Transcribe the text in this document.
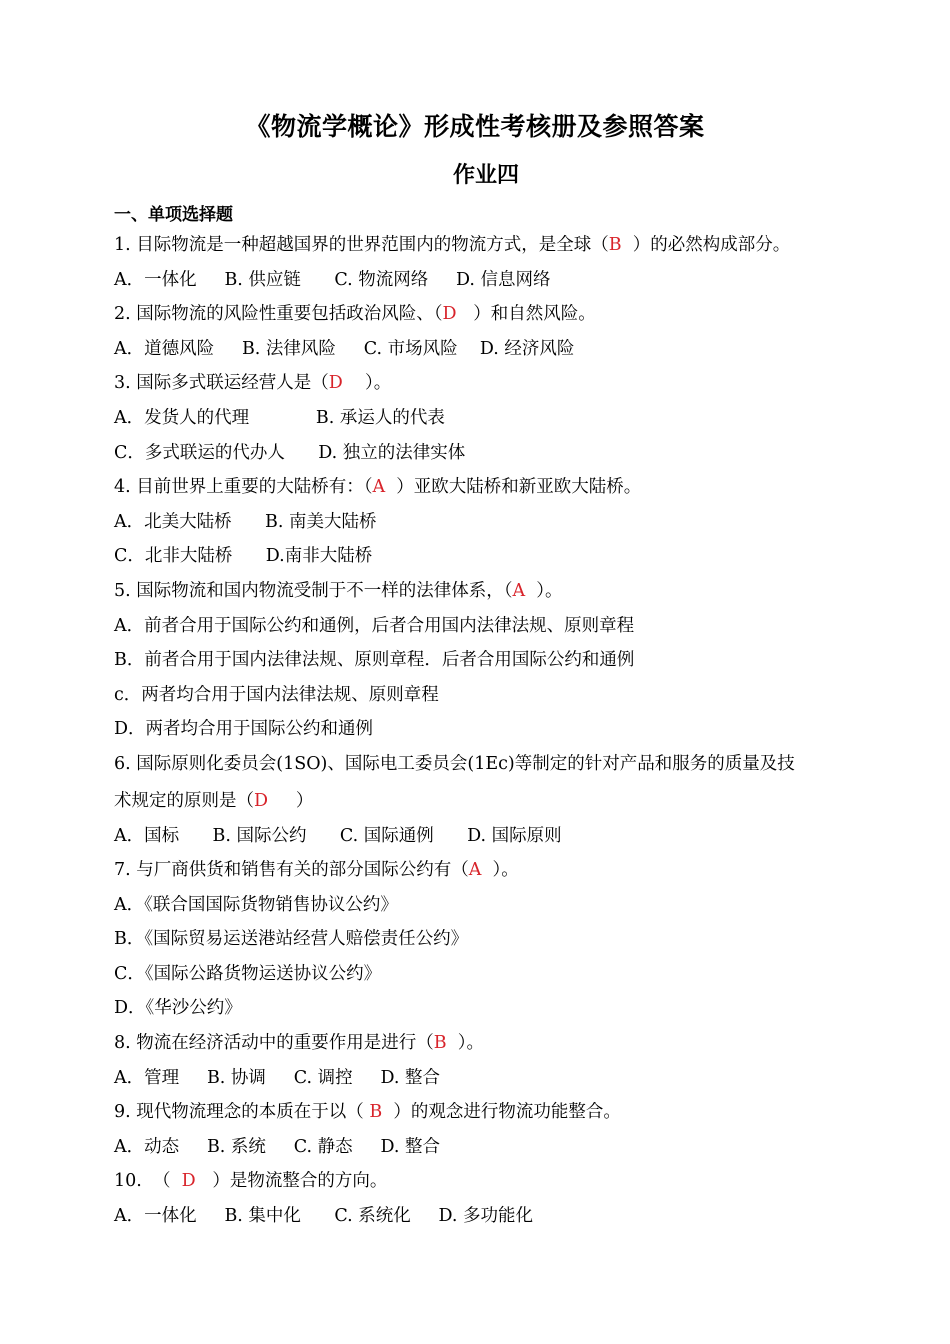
《物流学概论》形成性考核册及参照答案
作业四
一、单项选择题
1. 目际物流是一种超越国界的世界范围内的物流方式，是全球（B  ）的必然构成部分。
A．一体化     B. 供应链      C. 物流网络     D. 信息网络
2. 国际物流的风险性重要包括政治风险、（D   ）和自然风险。
A．道德风险     B. 法律风险     C. 市场风险    D. 经济风险
3. 国际多式联运经营人是（D    ）。
A．发货人的代理            B. 承运人的代表
C．多式联运的代办人      D. 独立的法律实体
4. 目前世界上重要的大陆桥有：（A  ）亚欧大陆桥和新亚欧大陆桥。
A．北美大陆桥      B. 南美大陆桥
C．北非大陆桥      D.南非大陆桥
5. 国际物流和国内物流受制于不一样的法律体系，（A  ）。
A．前者合用于国际公约和通例，后者合用国内法律法规、原则章程
B．前者合用于国内法律法规、原则章程．后者合用国际公约和通例
c．两者均合用于国内法律法规、原则章程
D．两者均合用于国际公约和通例
6. 国际原则化委员会(1SO)、国际电工委员会(1Ec)等制定的针对产品和服务的质量及技
术规定的原则是（D     ）
A．国标      B. 国际公约      C. 国际通例      D. 国际原则
7. 与厂商供货和销售有关的部分国际公约有（A  ）。
A．《联合国国际货物销售协议公约》
B．《国际贸易运送港站经营人赔偿责任公约》
C．《国际公路货物运送协议公约》
D．《华沙公约》
8. 物流在经济活动中的重要作用是进行（B  ）。
A．管理     B. 协调     C. 调控     D. 整合
9. 现代物流理念的本质在于以（ B  ）的观念进行物流功能整合。
A．动态     B. 系统     C. 静态     D. 整合
10.  （  D   ）是物流整合的方向。
A．一体化     B. 集中化      C. 系统化     D. 多功能化
